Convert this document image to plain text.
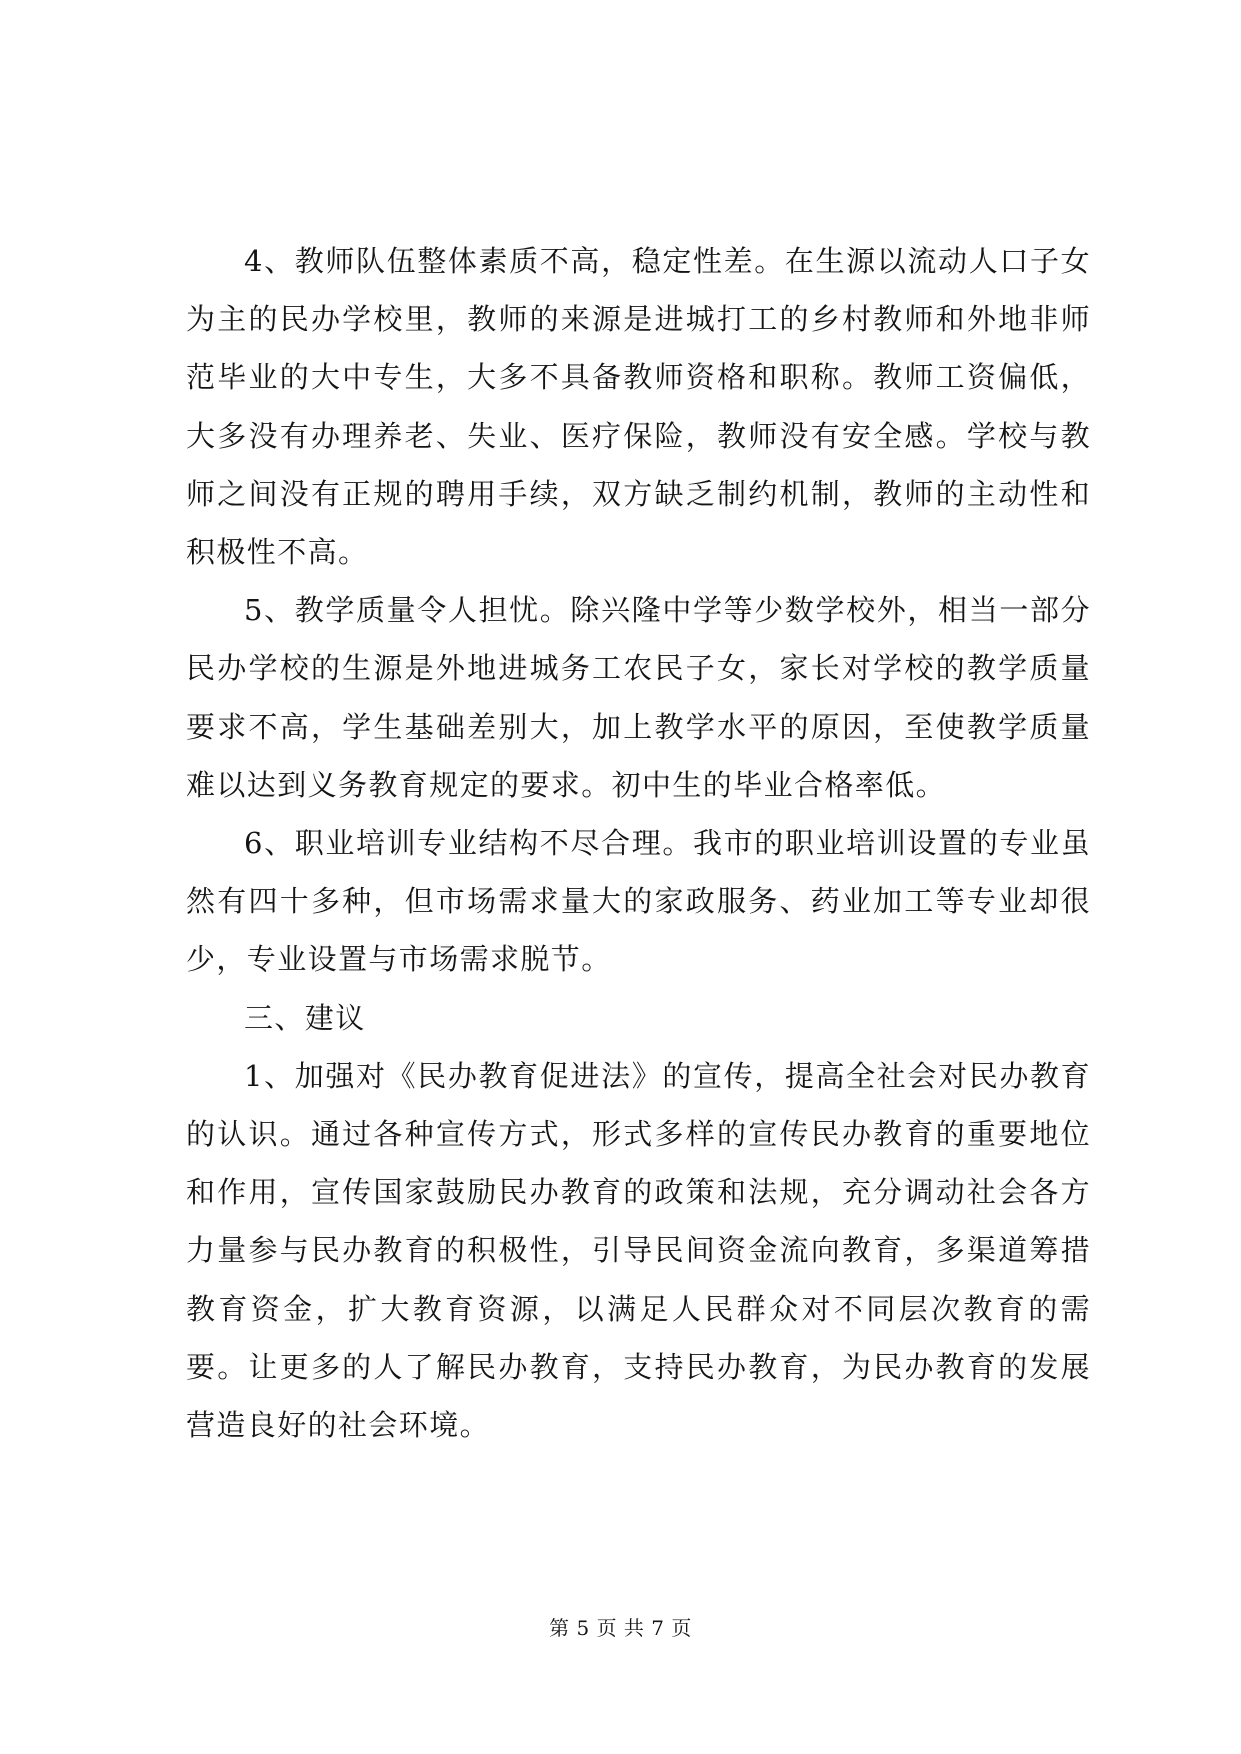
4、教师队伍整体素质不高，稳定性差。在生源以流动人口子女为主的民办学校里，教师的来源是进城打工的乡村教师和外地非师范毕业的大中专生，大多不具备教师资格和职称。教师工资偏低，大多没有办理养老、失业、医疗保险，教师没有安全感。学校与教师之间没有正规的聘用手续，双方缺乏制约机制，教师的主动性和积极性不高。

5、教学质量令人担忧。除兴隆中学等少数学校外，相当一部分民办学校的生源是外地进城务工农民子女，家长对学校的教学质量要求不高，学生基础差别大，加上教学水平的原因，至使教学质量难以达到义务教育规定的要求。初中生的毕业合格率低。

6、职业培训专业结构不尽合理。我市的职业培训设置的专业虽然有四十多种，但市场需求量大的家政服务、药业加工等专业却很少，专业设置与市场需求脱节。

三、建议

1、加强对《民办教育促进法》的宣传，提高全社会对民办教育的认识。通过各种宣传方式，形式多样的宣传民办教育的重要地位和作用，宣传国家鼓励民办教育的政策和法规，充分调动社会各方力量参与民办教育的积极性，引导民间资金流向教育，多渠道筹措教育资金，扩大教育资源，以满足人民群众对不同层次教育的需要。让更多的人了解民办教育，支持民办教育，为民办教育的发展营造良好的社会环境。

第 5 页 共 7 页
